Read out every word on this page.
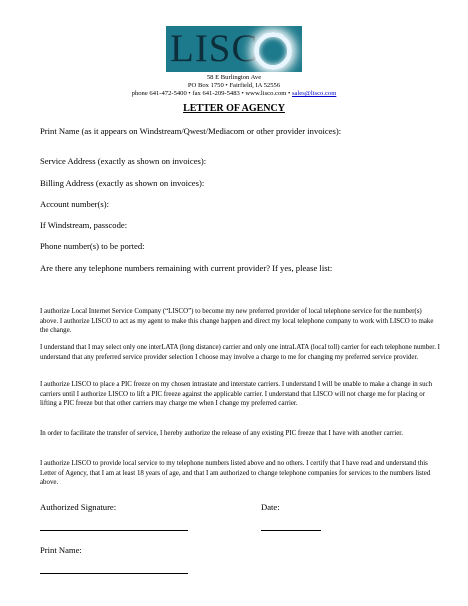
LISC
58 E Burlington Ave
PO Box 1750 • Fairfield, IA 52556
phone 641-472-5400 • fax 641-209-5483 • www.lisco.com • sales@lisco.com
LETTER OF AGENCY
Print Name (as it appears on Windstream/Qwest/Mediacom or other provider invoices):
Service Address (exactly as shown on invoices):
Billing Address (exactly as shown on invoices):
Account number(s):
If Windstream, passcode:
Phone number(s) to be ported:
Are there any telephone numbers remaining with current provider? If yes, please list:
I authorize Local Internet Service Company (“LISCO”) to become my new preferred provider of local telephone service for the number(s) above. I authorize LISCO to act as my agent to make this change happen and direct my local telephone company to work with LISCO to make the change.
I understand that I may select only one interLATA (long distance) carrier and only one intraLATA (local toll) carrier for each telephone number. I understand that any preferred service provider selection I choose may involve a charge to me for changing my preferred service provider.
I authorize LISCO to place a PIC freeze on my chosen intrastate and interstate carriers. I understand I will be unable to make a change in such carriers until I authorize LISCO to lift a PIC freeze against the applicable carrier. I understand that LISCO will not charge me for placing or lifting a PIC freeze but that other carriers may charge me when I change my preferred carrier.
In order to facilitate the transfer of service, I hereby authorize the release of any existing PIC freeze that I have with another carrier.
I authorize LISCO to provide local service to my telephone numbers listed above and no others. I certify that I have read and understand this Letter of Agency, that I am at least 18 years of age, and that I am authorized to change telephone companies for services to the numbers listed above.
Authorized Signature:	Date:
Print Name:
